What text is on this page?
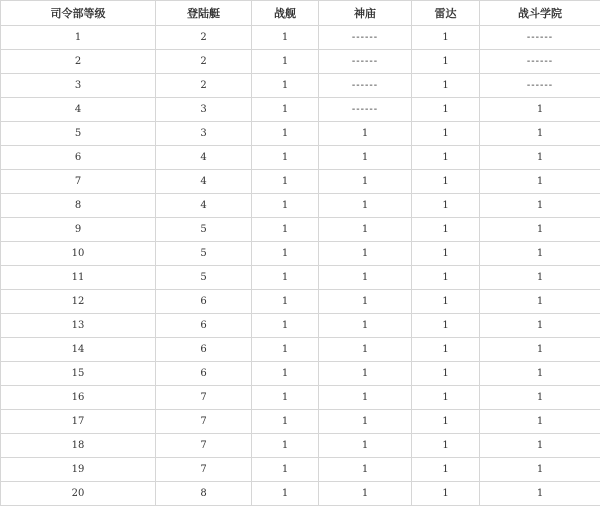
司令部等级	登陆艇	战舰	神庙	雷达	战斗学院
1	2	1	------	1	------
2	2	1	------	1	------
3	2	1	------	1	------
4	3	1	------	1	1
5	3	1	1	1	1
6	4	1	1	1	1
7	4	1	1	1	1
8	4	1	1	1	1
9	5	1	1	1	1
10	5	1	1	1	1
11	5	1	1	1	1
12	6	1	1	1	1
13	6	1	1	1	1
14	6	1	1	1	1
15	6	1	1	1	1
16	7	1	1	1	1
17	7	1	1	1	1
18	7	1	1	1	1
19	7	1	1	1	1
20	8	1	1	1	1
